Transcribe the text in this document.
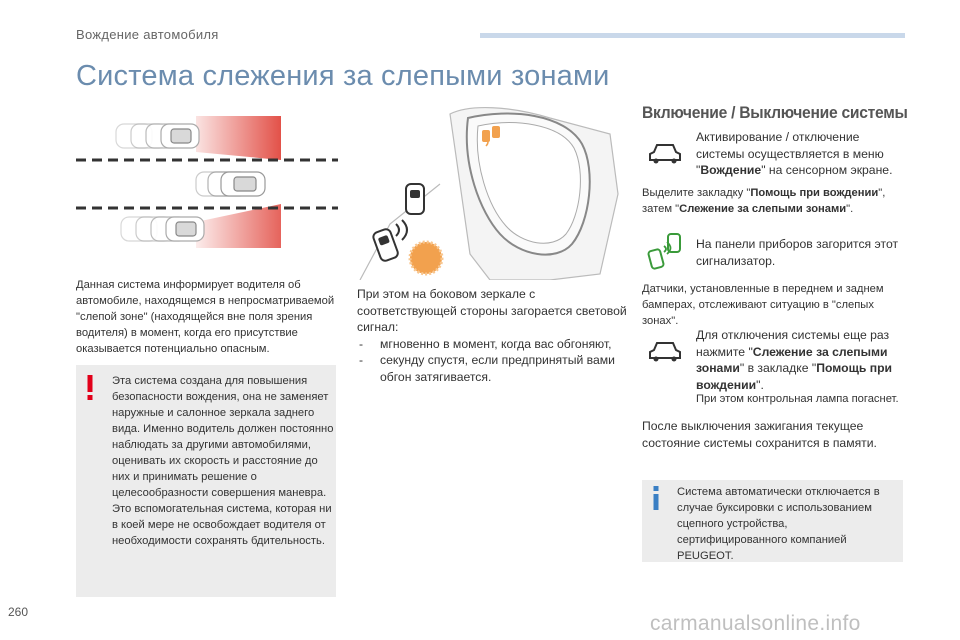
Вождение автомобиля
Система слежения за слепыми зонами
Данная система информирует водителя об автомобиле, находящемся в непросматриваемой "слепой зоне" (находящейся вне поля зрения водителя) в момент, когда его присутствие оказывается потенциально опасным.
Эта система создана для повышения безопасности вождения, она не заменяет наружные и салонное зеркала заднего вида. Именно водитель должен постоянно наблюдать за другими автомобилями, оценивать их скорость и расстояние до них и принимать решение о целесообразности совершения маневра.
Это вспомогательная система, которая ни в коей мере не освобождает водителя от необходимости сохранять бдительность.
При этом на боковом зеркале с соответствующей стороны загорается световой сигнал:
- мгновенно в момент, когда вас обгоняют,
- секунду спустя, если предпринятый вами обгон затягивается.
Включение / Выключение системы
Активирование / отключение системы осуществляется в меню "Вождение" на сенсорном экране.
Выделите закладку "Помощь при вождении", затем "Слежение за слепыми зонами".
На панели приборов загорится этот сигнализатор.
Датчики, установленные в переднем и заднем бамперах, отслеживают ситуацию в "слепых зонах".
Для отключения системы еще раз нажмите "Слежение за слепыми зонами" в закладке "Помощь при вождении".
При этом контрольная лампа погаснет.
После выключения зажигания текущее состояние системы сохранится в памяти.
Система автоматически отключается в случае буксировки с использованием сцепного устройства, сертифицированного компанией PEUGEOT.
260	carmanualsonline.info
